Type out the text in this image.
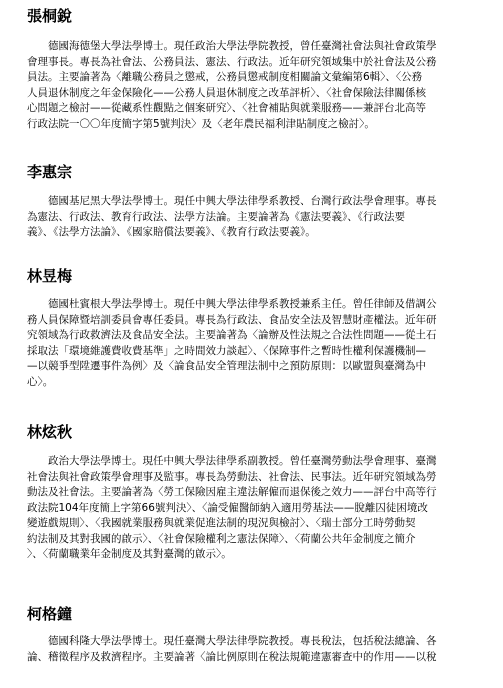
張桐銳
德國海德堡大學法學博士。現任政治大學法學院教授，曾任臺灣社會法與社會政策學
會理事長。專長為社會法、公務員法、憲法、行政法。近年研究領域集中於社會法及公務
員法。主要論著為〈離職公務員之懲戒，公務員懲戒制度相關論文彙編第6輯〉、〈公務
人員退休制度之年金保險化——公務人員退休制度之改革評析〉、〈社會保險法律關係核
心問題之檢討——從藏系性觀點之個案研究〉、〈社會補貼與就業服務——兼評台北高等
行政法院一〇〇年度簡字第5號判決〉及〈老年農民福利津貼制度之檢討〉。
李惠宗
德國基尼黑大學法學博士。現任中興大學法律學系教授、台灣行政法學會理事。專長
為憲法、行政法、教育行政法、法學方法論。主要論著為《憲法要義》、《行政法要
義》、《法學方法論》、《國家賠償法要義》、《教育行政法要義》。
林昱梅
德國杜賓根大學法學博士。現任中興大學法律學系教授兼系主任。曾任律師及借調公
務人員保障暨培訓委員會專任委員。專長為行政法、食品安全法及智慧財產權法。近年研
究領域為行政救濟法及食品安全法。主要論著為〈論辦及性法規之合法性問題——從土石
採取法「環境維護費收費基準」之時間效力談起〉、〈保障事件之暫時性權利保護機制—
—以競爭型陞遷事件為例〉及〈論食品安全管理法制中之預防原則：以歐盟與臺灣為中
心〉。
林炫秋
政治大學法學博士。現任中興大學法律學系副教授。曾任臺灣勞動法學會理事、臺灣
社會法與社會政策學會理事及監事。專長為勞動法、社會法、民事法。近年研究領域為勞
動法及社會法。主要論著為〈勞工保險因雇主違法解僱而退保後之效力——評台中高等行
政法院104年度簡上字第66號判決〉、〈論受僱醫師納入適用勞基法——脫離囚徒困境改
變遊戲規則〉、〈我國就業服務與就業促進法制的現況與檢討〉、〈瑞士部分工時勞動契
約法制及其對我國的啟示〉、〈社會保險權利之憲法保障〉、〈荷蘭公共年金制度之簡介
〉、〈荷蘭職業年金制度及其對臺灣的啟示〉。
柯格鐘
德國科隆大學法學博士。現任臺灣大學法律學院教授。專長稅法，包括稅法總論、各
論、稽徵程序及救濟程序。主要論著〈論比例原則在稅法規範違憲審查中的作用——以稅
